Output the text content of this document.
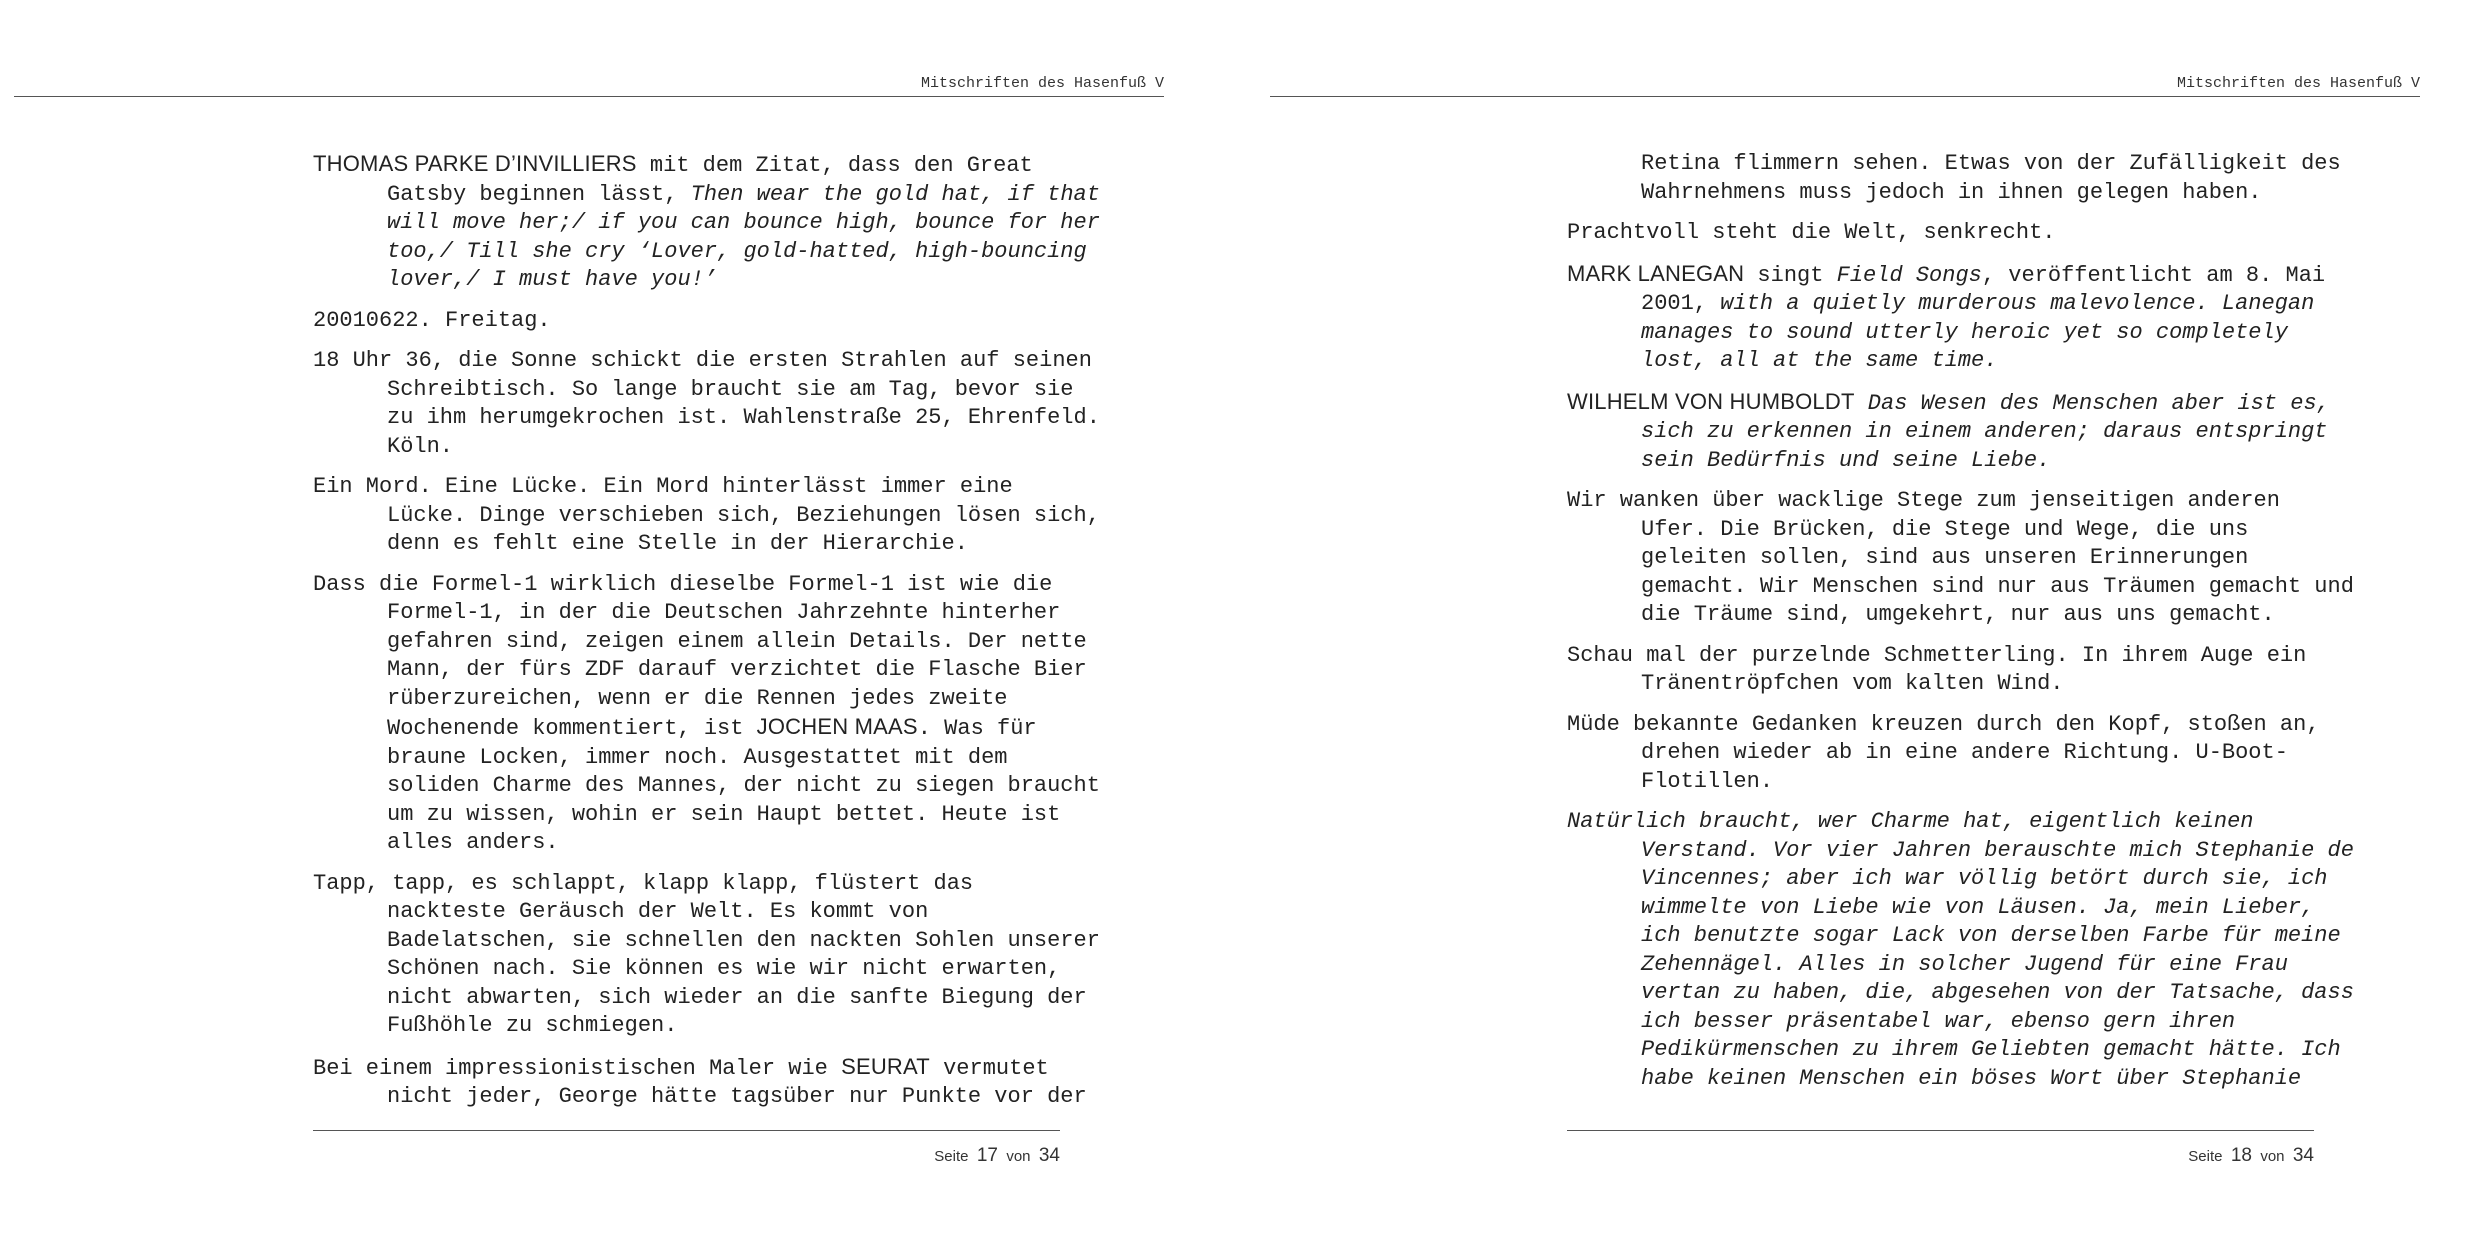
Mitschriften des Hasenfuß V

THOMAS PARKE D’INVILLIERS mit dem Zitat, dass den Great Gatsby beginnen lässt, Then wear the gold hat, if that will move her;/ if you can bounce high, bounce for her too,/ Till she cry ‘Lover, gold-hatted, high-bouncing lover,/ I must have you!’

20010622. Freitag.

18 Uhr 36, die Sonne schickt die ersten Strahlen auf seinen Schreibtisch. So lange braucht sie am Tag, bevor sie zu ihm herumgekrochen ist. Wahlenstraße 25, Ehrenfeld. Köln.

Ein Mord. Eine Lücke. Ein Mord hinterlässt immer eine Lücke. Dinge verschieben sich, Beziehungen lösen sich, denn es fehlt eine Stelle in der Hierarchie.

Dass die Formel-1 wirklich dieselbe Formel-1 ist wie die Formel-1, in der die Deutschen Jahrzehnte hinterher gefahren sind, zeigen einem allein Details. Der nette Mann, der fürs ZDF darauf verzichtet die Flasche Bier rüberzureichen, wenn er die Rennen jedes zweite Wochenende kommentiert, ist JOCHEN MAAS. Was für braune Locken, immer noch. Ausgestattet mit dem soliden Charme des Mannes, der nicht zu siegen braucht um zu wissen, wohin er sein Haupt bettet. Heute ist alles anders.

Tapp, tapp, es schlappt, klapp klapp, flüstert das nackteste Geräusch der Welt. Es kommt von Badelatschen, sie schnellen den nackten Sohlen unserer Schönen nach. Sie können es wie wir nicht erwarten, nicht abwarten, sich wieder an die sanfte Biegung der Fußhöhle zu schmiegen.

Bei einem impressionistischen Maler wie SEURAT vermutet nicht jeder, George hätte tagsüber nur Punkte vor der

Seite 17 von 34
Mitschriften des Hasenfuß V

Retina flimmern sehen. Etwas von der Zufälligkeit des Wahrnehmens muss jedoch in ihnen gelegen haben.

Prachtvoll steht die Welt, senkrecht.

MARK LANEGAN singt Field Songs, veröffentlicht am 8. Mai 2001, with a quietly murderous malevolence. Lanegan manages to sound utterly heroic yet so completely lost, all at the same time.

WILHELM VON HUMBOLDT Das Wesen des Menschen aber ist es, sich zu erkennen in einem anderen; daraus entspringt sein Bedürfnis und seine Liebe.

Wir wanken über wacklige Stege zum jenseitigen anderen Ufer. Die Brücken, die Stege und Wege, die uns geleiten sollen, sind aus unseren Erinnerungen gemacht. Wir Menschen sind nur aus Träumen gemacht und die Träume sind, umgekehrt, nur aus uns gemacht.

Schau mal der purzelnde Schmetterling. In ihrem Auge ein Tränentröpfchen vom kalten Wind.

Müde bekannte Gedanken kreuzen durch den Kopf, stoßen an, drehen wieder ab in eine andere Richtung. U-Boot-Flotillen.

Natürlich braucht, wer Charme hat, eigentlich keinen Verstand. Vor vier Jahren berauschte mich Stephanie de Vincennes; aber ich war völlig betört durch sie, ich wimmelte von Liebe wie von Läusen. Ja, mein Lieber, ich benutzte sogar Lack von derselben Farbe für meine Zehennägel. Alles in solcher Jugend für eine Frau vertan zu haben, die, abgesehen von der Tatsache, dass ich besser präsentabel war, ebenso gern ihren Pedikürmenschen zu ihrem Geliebten gemacht hätte. Ich habe keinen Menschen ein böses Wort über Stephanie

Seite 18 von 34
